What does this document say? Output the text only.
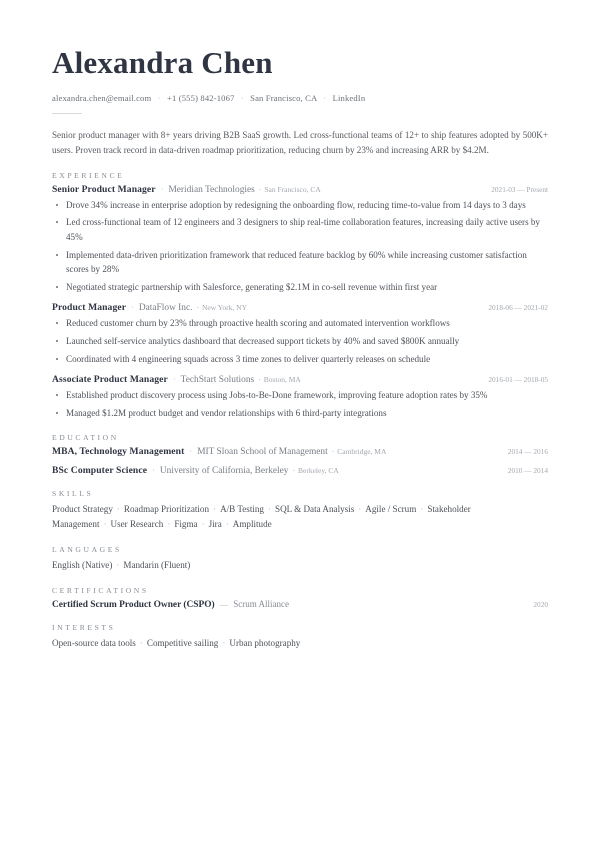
Alexandra Chen
alexandra.chen@email.com · +1 (555) 842-1067 · San Francisco, CA · LinkedIn

Senior product manager with 8+ years driving B2B SaaS growth. Led cross-functional teams of 12+ to ship features adopted by 500K+ users. Proven track record in data-driven roadmap prioritization, reducing churn by 23% and increasing ARR by $4.2M.

EXPERIENCE
Senior Product Manager · Meridian Technologies · San Francisco, CA	2021-03 — Present
Drove 34% increase in enterprise adoption by redesigning the onboarding flow, reducing time-to-value from 14 days to 3 days
Led cross-functional team of 12 engineers and 3 designers to ship real-time collaboration features, increasing daily active users by 45%
Implemented data-driven prioritization framework that reduced feature backlog by 60% while increasing customer satisfaction scores by 28%
Negotiated strategic partnership with Salesforce, generating $2.1M in co-sell revenue within first year
Product Manager · DataFlow Inc. · New York, NY	2018-06 — 2021-02
Reduced customer churn by 23% through proactive health scoring and automated intervention workflows
Launched self-service analytics dashboard that decreased support tickets by 40% and saved $800K annually
Coordinated with 4 engineering squads across 3 time zones to deliver quarterly releases on schedule
Associate Product Manager · TechStart Solutions · Boston, MA	2016-01 — 2018-05
Established product discovery process using Jobs-to-Be-Done framework, improving feature adoption rates by 35%
Managed $1.2M product budget and vendor relationships with 6 third-party integrations
EDUCATION
MBA, Technology Management · MIT Sloan School of Management · Cambridge, MA	2014 — 2016
BSc Computer Science · University of California, Berkeley · Berkeley, CA	2010 — 2014
SKILLS
Product Strategy · Roadmap Prioritization · A/B Testing · SQL & Data Analysis · Agile / Scrum · Stakeholder Management · User Research · Figma · Jira · Amplitude
LANGUAGES
English (Native) · Mandarin (Fluent)
CERTIFICATIONS
Certified Scrum Product Owner (CSPO) — Scrum Alliance	2020
INTERESTS
Open-source data tools · Competitive sailing · Urban photography
